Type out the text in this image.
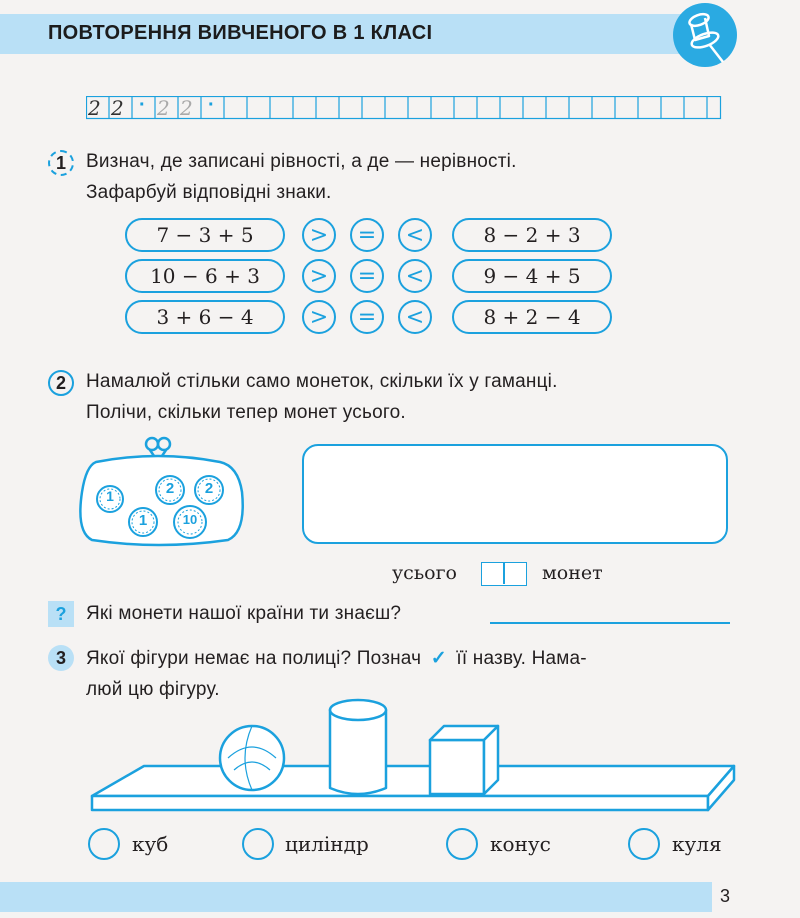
ПОВТОРЕННЯ ВИВЧЕНОГО В 1 КЛАСІ
2 2 · 2 2 ·
1	Визнач, де записані рівності, а де — нерівності.
Зафарбуй відповідні знаки.
7 − 3 + 5	>	=	<	8 − 2 + 3
10 − 6 + 3	>	=	<	9 − 4 + 5
3 + 6 − 4	>	=	<	8 + 2 − 4
2	Намалюй стільки само монеток, скільки їх у гаманці.
Полічи, скільки тепер монет усього.
1	2	2
1	10
усього	монет
?	Які монети нашої країни ти знаєш?
3	Якої фігури немає на полиці? Познач ✓ її назву. Нама-
люй цю фігуру.
куб	циліндр	конус	куля
3
